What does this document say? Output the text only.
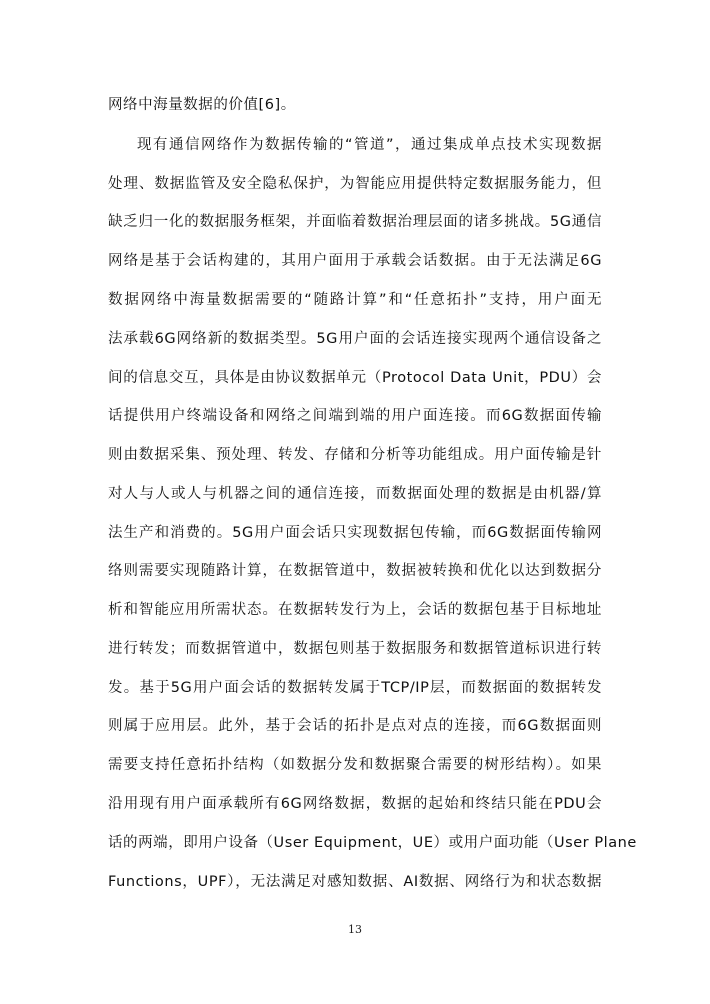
网络中海量数据的价值[6]。
现有通信网络作为数据传输的“管道”，通过集成单点技术实现数据
处理、数据监管及安全隐私保护，为智能应用提供特定数据服务能力，但
缺乏归一化的数据服务框架，并面临着数据治理层面的诸多挑战。5G通信
网络是基于会话构建的，其用户面用于承载会话数据。由于无法满足6G
数据网络中海量数据需要的“随路计算”和“任意拓扑”支持，用户面无
法承载6G网络新的数据类型。5G用户面的会话连接实现两个通信设备之
间的信息交互，具体是由协议数据单元（Protocol Data Unit，PDU）会
话提供用户终端设备和网络之间端到端的用户面连接。而6G数据面传输
则由数据采集、预处理、转发、存储和分析等功能组成。用户面传输是针
对人与人或人与机器之间的通信连接，而数据面处理的数据是由机器/算
法生产和消费的。5G用户面会话只实现数据包传输，而6G数据面传输网
络则需要实现随路计算，在数据管道中，数据被转换和优化以达到数据分
析和智能应用所需状态。在数据转发行为上，会话的数据包基于目标地址
进行转发；而数据管道中，数据包则基于数据服务和数据管道标识进行转
发。基于5G用户面会话的数据转发属于TCP/IP层，而数据面的数据转发
则属于应用层。此外，基于会话的拓扑是点对点的连接，而6G数据面则
需要支持任意拓扑结构（如数据分发和数据聚合需要的树形结构）。如果
沿用现有用户面承载所有6G网络数据，数据的起始和终结只能在PDU会
话的两端，即用户设备（User Equipment，UE）或用户面功能（User Plane
Functions，UPF），无法满足对感知数据、AI数据、网络行为和状态数据
13
